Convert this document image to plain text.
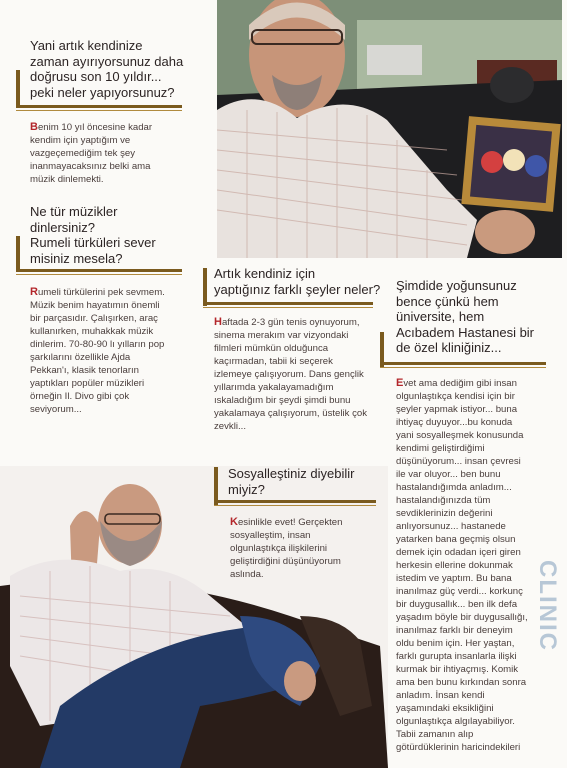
Yani artık kendinize
zaman ayırıyorsunuz daha
doğrusu son 10 yıldır...
peki neler yapıyorsunuz?

Benim 10 yıl öncesine kadar
kendim için yaptığım ve
vazgeçemediğim tek şey
inanmayacaksınız belki ama
müzik dinlemekti.

Ne tür müzikler
dinlersiniz?
Rumeli türküleri sever
misiniz mesela?

Rumeli türkülerini pek sevmem.
Müzik benim hayatımın önemli
bir parçasıdır. Çalışırken, araç
kullanırken, muhakkak müzik
dinlerim. 70-80-90 lı yılların pop
şarkılarını özellikle Ajda
Pekkan'ı, klasik tenorların
yaptıkları popüler müzikleri
örneğin Il. Divo gibi çok
seviyorum...

Artık kendiniz için
yaptığınız farklı şeyler neler?

Haftada 2-3 gün tenis oynuyorum,
sinema merakım var vizyondaki
filmleri mümkün olduğunca
kaçırmadan, tabii ki seçerek
izlemeye çalışıyorum. Dans gençlik
yıllarımda yakalayamadığım
ıskaladığım bir şeydi şimdi bunu
yakalamaya çalışıyorum, üstelik çok
zevkli...

Sosyalleştiniz diyebilir
miyiz?

Kesinlikle evet! Gerçekten
sosyalleştim, insan
olgunlaştıkça ilişkilerini
geliştirdiğini düşünüyorum
aslında.

Şimdide yoğunsunuz
bence çünkü hem
üniversite, hem
Acıbadem Hastanesi bir
de özel kliniğiniz...

Evet ama dediğim gibi insan
olgunlaştıkça kendisi için bir
şeyler yapmak istiyor... buna
ihtiyaç duyuyor...bu konuda
yani sosyalleşmek konusunda
kendimi geliştirdiğimi
düşünüyorum... insan çevresi
ile var oluyor... ben bunu
hastalandığımda anladım...
hastalandığınızda tüm
sevdiklerinizin değerini
anlıyorsunuz... hastanede
yatarken bana geçmiş olsun
demek için odadan içeri giren
herkesin ellerine dokunmak
istedim ve yaptım. Bu bana
inanılmaz güç verdi... korkunç
bir duygusallık... ben ilk defa
yaşadım böyle bir duygusallığı,
inanılmaz farklı bir deneyim
oldu benim için. Her yaştan,
farklı gurupta insanlarla ilişki
kurmak bir ihtiyaçmış. Komik
ama ben bunu kırkından sonra
anladım. İnsan kendi
yaşamındaki eksikliğini
olgunlaştıkça algılayabiliyor.
Tabii zamanın alıp
götürdüklerinin haricindekileri

CLINIC
